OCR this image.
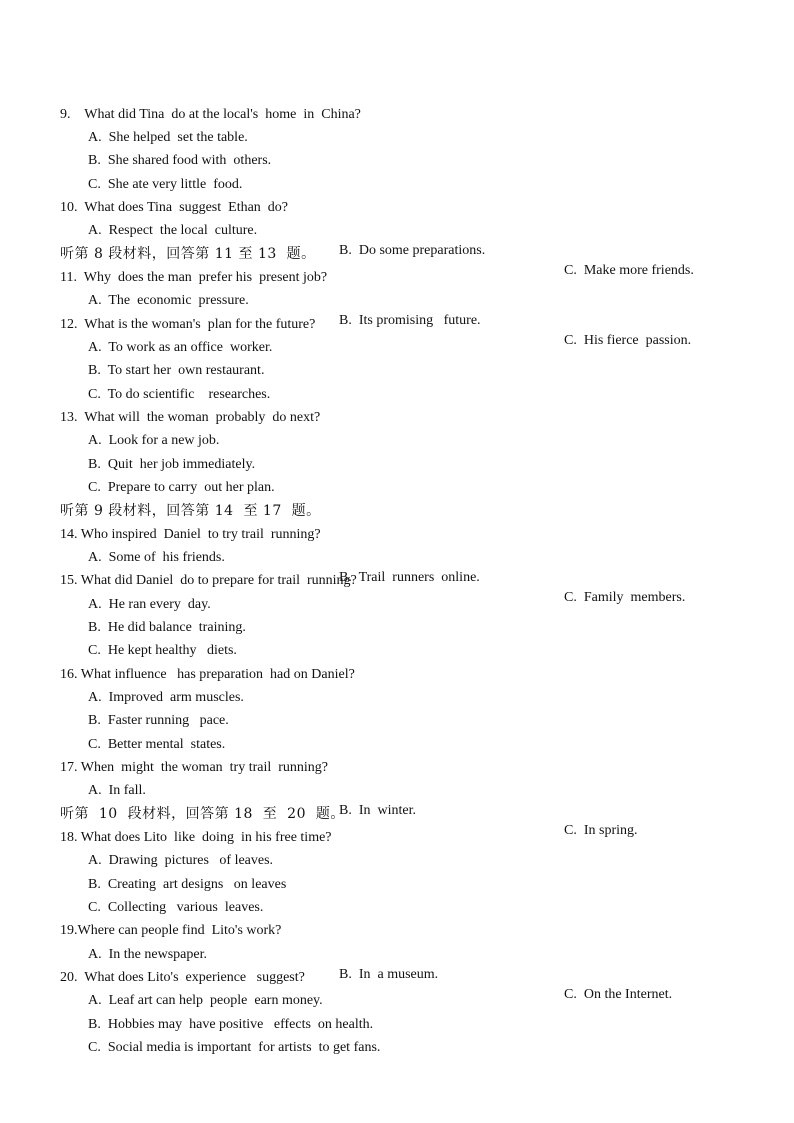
9.    What did Tina  do at the local's  home  in  China?

A.  She helped  set the table.

B.  She shared food with  others.

C.  She ate very little  food.

10.  What does Tina  suggest  Ethan  do?

A.  Respect  the local  culture.

B.  Do some preparations.

C.  Make more friends.

听第 8 段材料，回答第 11 至 13  题。

11.  Why  does the man  prefer his  present job?

A.  The  economic  pressure.

B.  Its promising   future.

C.  His fierce  passion.

12.  What is the woman's  plan for the future?

A.  To work as an office  worker.

B.  To start her  own restaurant.

C.  To do scientific    researches.

13.  What will  the woman  probably  do next?

A.  Look for a new job.

B.  Quit  her job immediately.

C.  Prepare to carry  out her plan.

听第 9 段材料，回答第 14  至 17  题。

14. Who inspired  Daniel  to try trail  running?

A.  Some of  his friends.

B.  Trail  runners  online.

C.  Family  members.

15. What did Daniel  do to prepare for trail  running?

A.  He ran every  day.

B.  He did balance  training.

C.  He kept healthy   diets.

16. What influence   has preparation  had on Daniel?

A.  Improved  arm muscles.

B.  Faster running   pace.

C.  Better mental  states.

17. When  might  the woman  try trail  running?

A.  In fall.

B.  In  winter.

C.  In spring.

听第  10  段材料，回答第 18  至  20  题。

18. What does Lito  like  doing  in his free time?

A.  Drawing  pictures   of leaves.

B.  Creating  art designs   on leaves

C.  Collecting   various  leaves.

19.Where can people find  Lito's work?

A.  In the newspaper.

B.  In  a museum.

C.  On the Internet.

20.  What does Lito's  experience   suggest?

A.  Leaf art can help  people  earn money.

B.  Hobbies may  have positive   effects  on health.

C.  Social media is important  for artists  to get fans.
